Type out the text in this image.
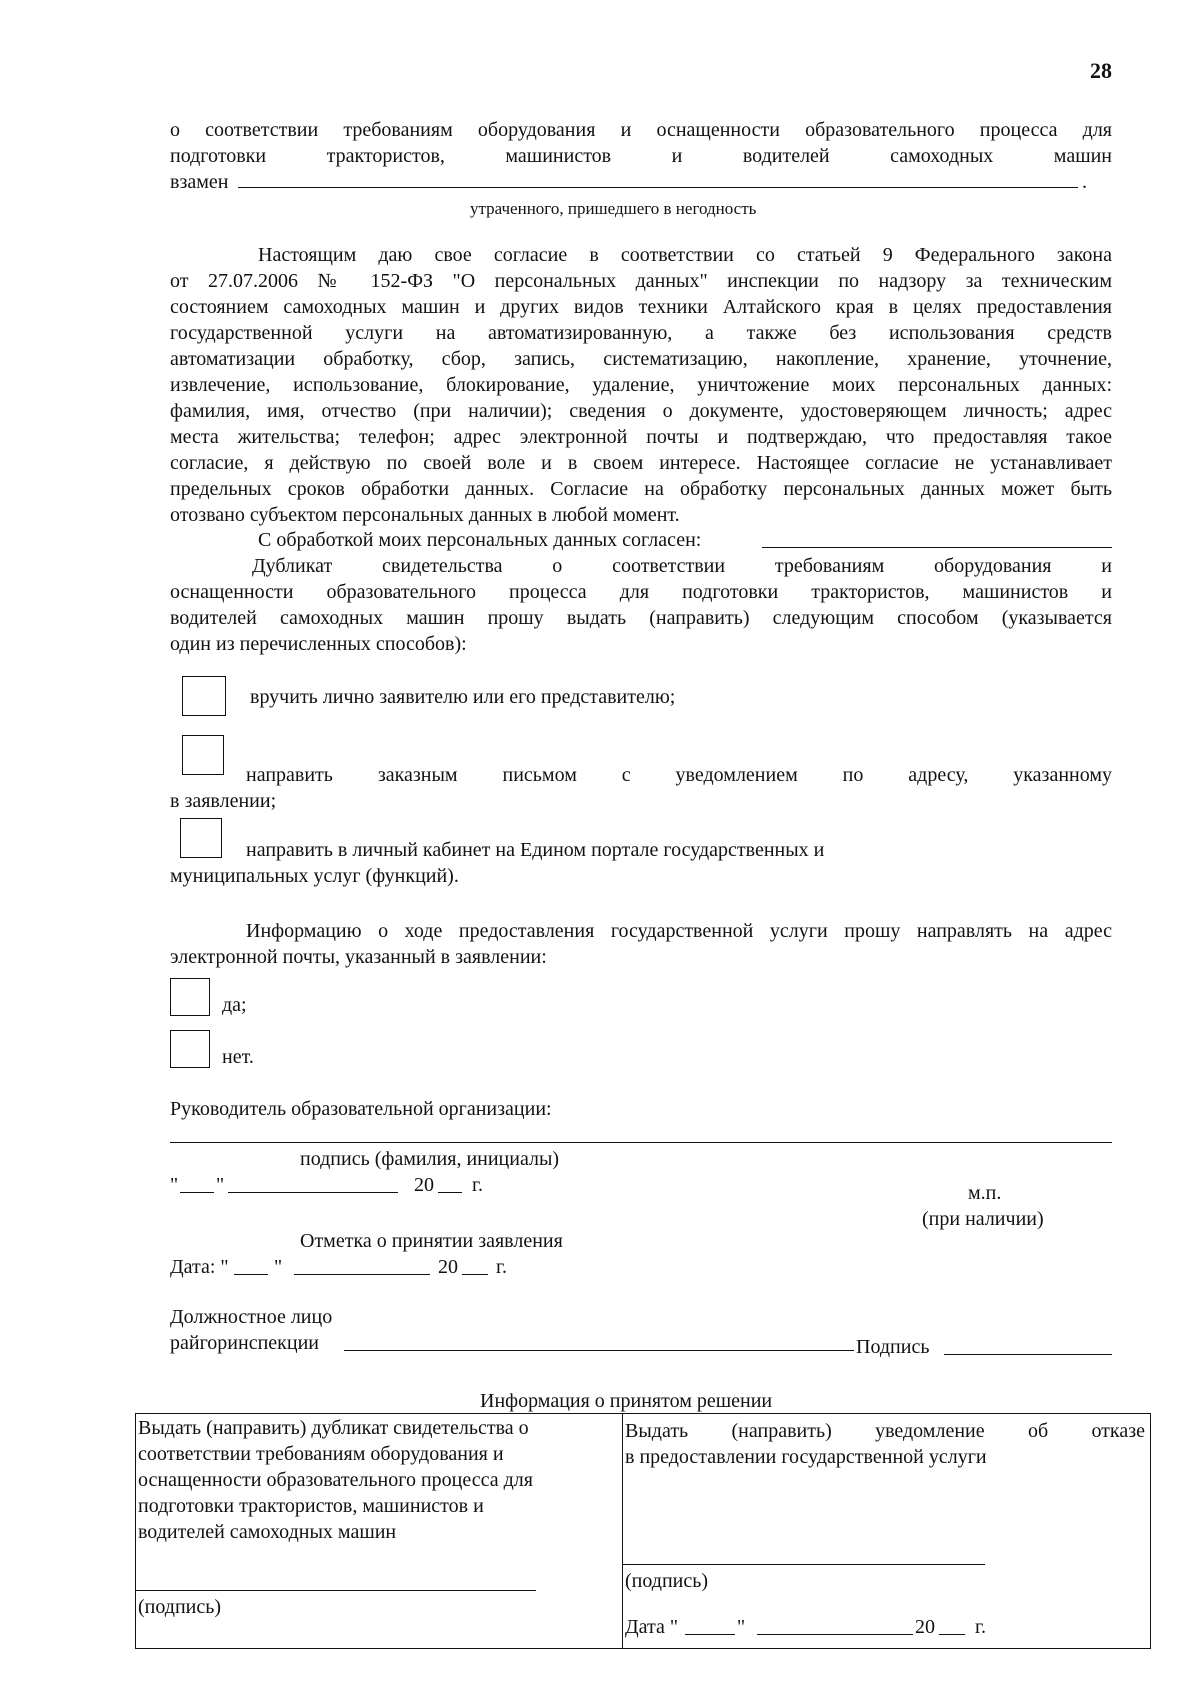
28
о соответствии требованиям оборудования и оснащенности образовательного процесса для
подготовки трактористов, машинистов и водителей самоходных машин
взамен	.
утраченного, пришедшего в негодность
Настоящим даю свое согласие в соответствии со статьей 9 Федерального закона
от 27.07.2006 № 152-ФЗ "О персональных данных" инспекции по надзору за техническим
состоянием самоходных машин и других видов техники Алтайского края в целях предоставления
государственной услуги на автоматизированную, а также без использования средств
автоматизации обработку, сбор, запись, систематизацию, накопление, хранение, уточнение,
извлечение, использование, блокирование, удаление, уничтожение моих персональных данных:
фамилия, имя, отчество (при наличии); сведения о документе, удостоверяющем личность; адрес
места жительства; телефон; адрес электронной почты и подтверждаю, что предоставляя такое
согласие, я действую по своей воле и в своем интересе. Настоящее согласие не устанавливает
предельных сроков обработки данных. Согласие на обработку персональных данных может быть
отозвано субъектом персональных данных в любой момент.
С обработкой моих персональных данных согласен:
Дубликат свидетельства о соответствии требованиям оборудования и
оснащенности образовательного процесса для подготовки трактористов, машинистов и
водителей самоходных машин прошу выдать (направить) следующим способом (указывается
один из перечисленных способов):
вручить лично заявителю или его представителю;
направить заказным письмом с уведомлением по адресу, указанному
в заявлении;
направить в личный кабинет на Едином портале государственных и
муниципальных услуг (функций).
Информацию о ходе предоставления государственной услуги прошу направлять на адрес
электронной почты, указанный в заявлении:
да;
нет.
Руководитель образовательной организации:
подпись (фамилия, инициалы)
" "	20 г.	м.п.
(при наличии)
Отметка о принятии заявления
Дата: " "	20 г.
Должностное лицо
райгоринспекции	Подпись
Информация о принятом решении
Выдать (направить) дубликат свидетельства о
соответствии требованиям оборудования и
оснащенности образовательного процесса для
подготовки трактористов, машинистов и
водителей самоходных машин
(подпись)
Выдать (направить) уведомление об отказе
в предоставлении государственной услуги
(подпись)
Дата "	"	20 г.
